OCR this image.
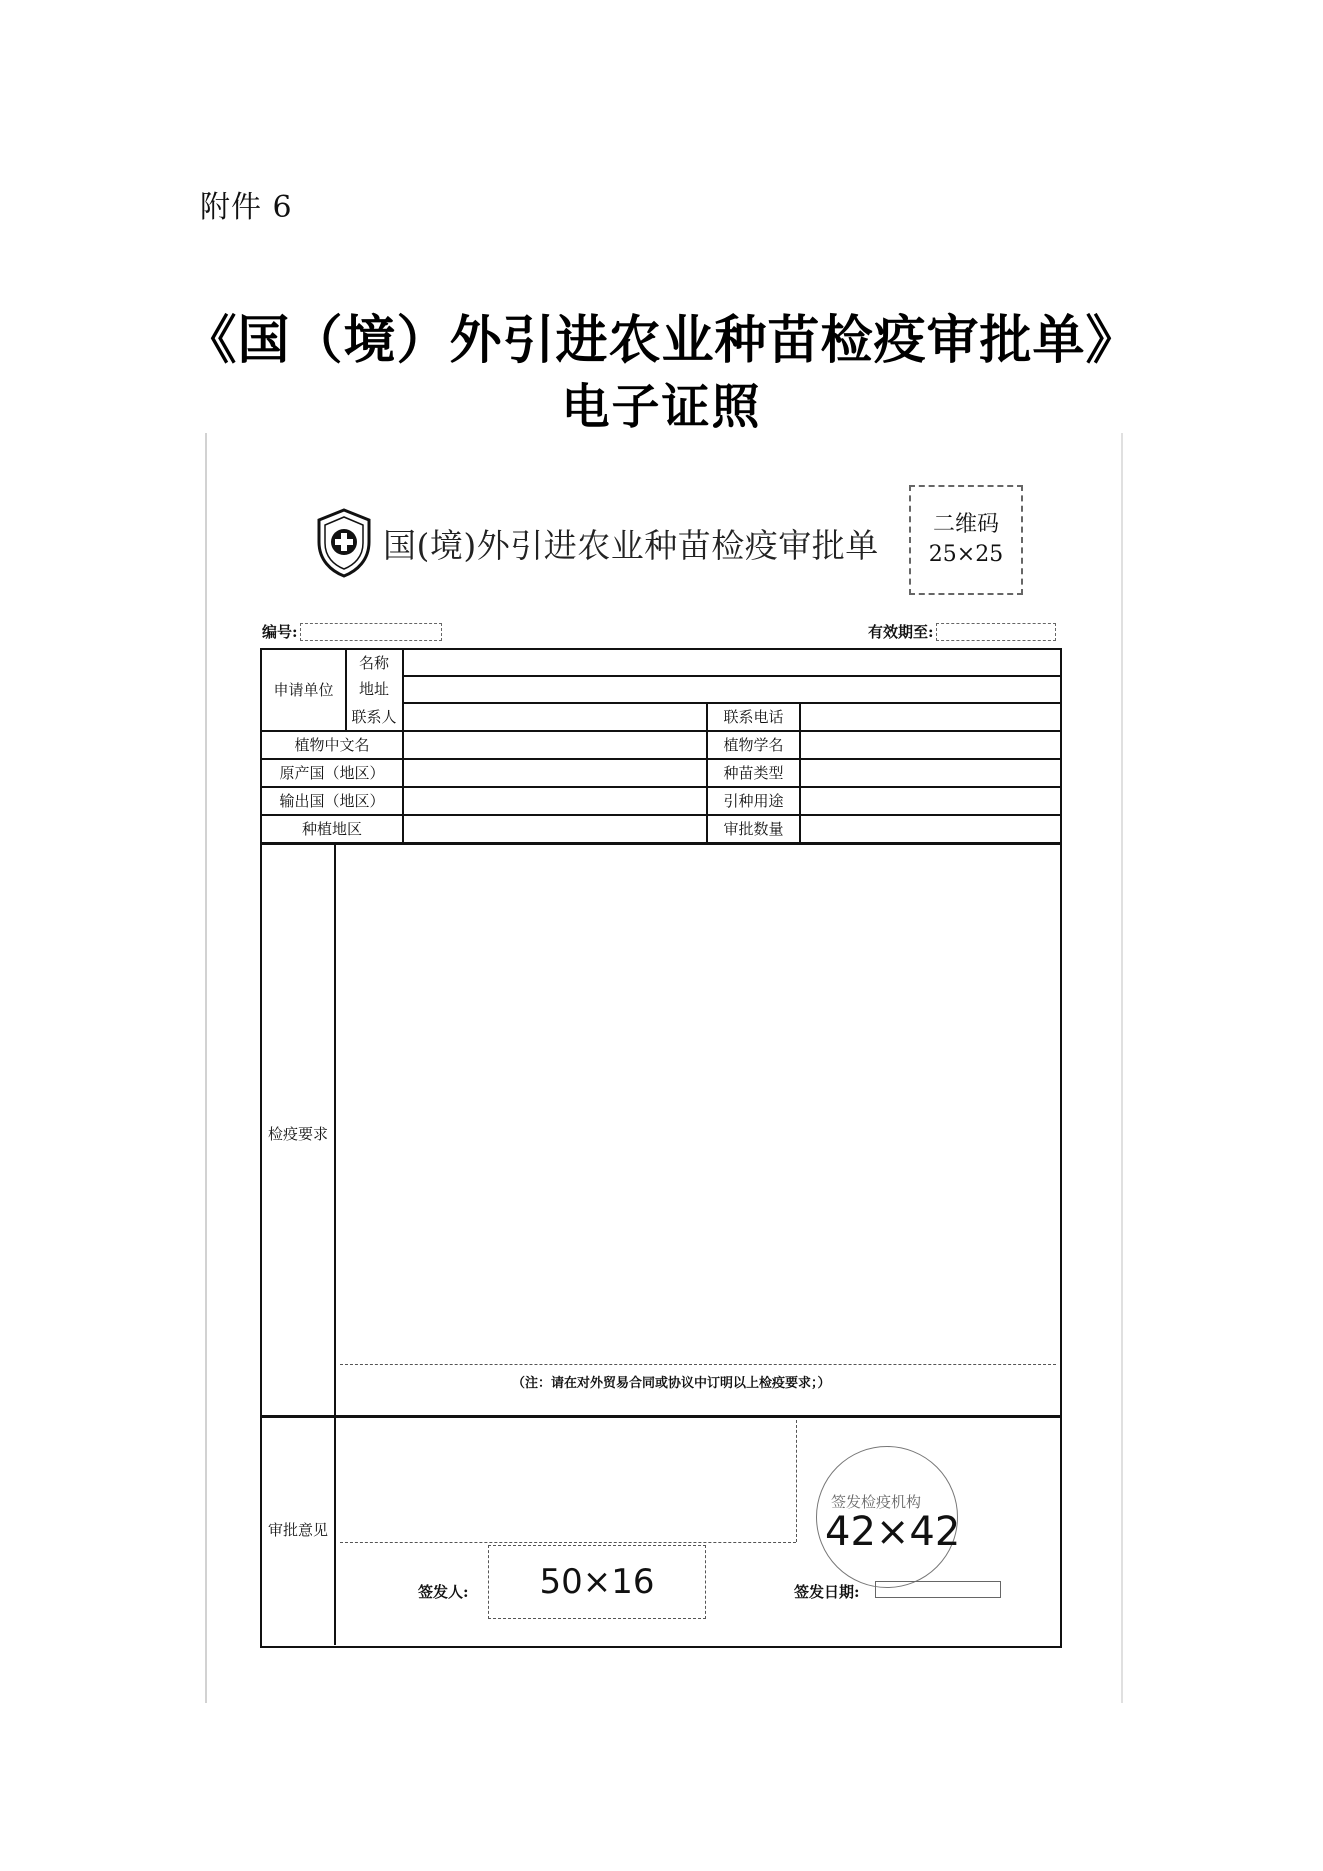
附件 6
《国（境）外引进农业种苗检疫审批单》
电子证照
国(境)外引进农业种苗检疫审批单
二维码
25×25
编号:	有效期至:
申请单位
名称
地址
联系人	联系电话
植物中文名	植物学名
原产国（地区）	种苗类型
输出国（地区）	引种用途
种植地区	审批数量
检疫要求
（注：请在对外贸易合同或协议中订明以上检疫要求；）
审批意见
签发检疫机构
42×42
签发人:	50×16	签发日期:
